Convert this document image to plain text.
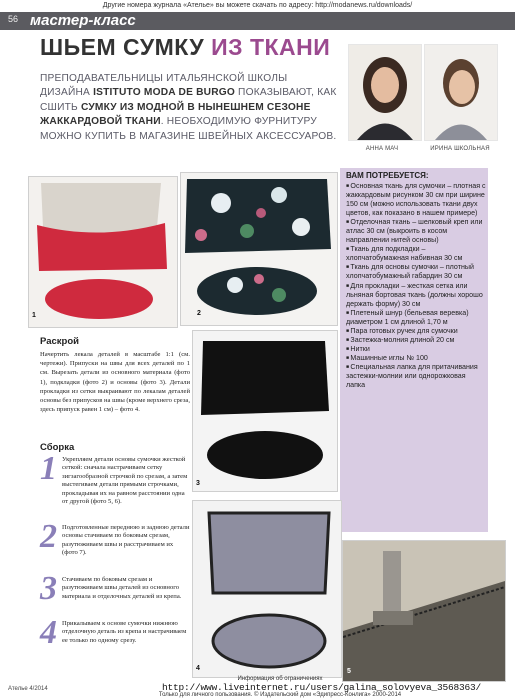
Другие номера журнала «Ателье» вы можете скачать по адресу: http://modanews.ru/downloads/
56 мастер-класс
ШЬЕМ СУМКУ ИЗ ТКАНИ
ПРЕПОДАВАТЕЛЬНИЦЫ ИТАЛЬЯНСКОЙ ШКОЛЫ ДИЗАЙНА ISTITUTO MODA DE BURGO ПОКАЗЫВАЮТ, КАК СШИТЬ СУМКУ ИЗ МОДНОЙ В НЫНЕШНЕМ СЕЗОНЕ ЖАККАРДОВОЙ ТКАНИ. НЕОБХОДИМУЮ ФУРНИТУРУ МОЖНО КУПИТЬ В МАГАЗИНЕ ШВЕЙНЫХ АКСЕССУАРОВ.
АННА МАЧ	ИРИНА ШКОЛЬНАЯ
ВАМ ПОТРЕБУЕТСЯ:
■ Основная ткань для сумочки – плотная с жаккардовым рисунком 30 см при ширине 150 см (можно использовать ткани двух цветов, как показано в нашем примере)
■ Отделочная ткань – шелковый креп или атлас 30 см (выкроить в косом направлении нитей основы)
■ Ткань для подкладки – хлопчатобумажная набивная 30 см
■ Ткань для основы сумочки – плотный хлопчатобумажный габардин 30 см
■ Для прокладки – жесткая сетка или льняная бортовая ткань (должны хорошо держать форму) 30 см
■ Плетеный шнур (бельевая веревка) диаметром 1 см длиной 1,70 м
■ Пара готовых ручек для сумочки
■ Застежка-молния длиной 20 см
■ Нитки
■ Машинные иглы № 100
■ Специальная лапка для притачивания застежки-молнии или однорожковая лапка
1	2
3
4	5
Раскрой
Начертить лекала деталей в масштабе 1:1 (см. чертежи). Припуски на швы для всех деталей по 1 см. Вырезать детали из основного материала (фото 1), подкладки (фото 2) и основы (фото 3). Детали прокладки из сетки выкраивают по лекалам деталей основы без припусков на швы (кроме верхнего среза, здесь припуск равен 1 см) – фото 4.
Сборка
1 Укрепляем детали основы сумочки жесткой сеткой: сначала настрачиваем сетку зигзагообразной строчкой по срезам, а затем выстегиваем детали прямыми строчками, прокладывая их на равном расстоянии одна от другой (фото 5, 6).
2 Подготовленные переднюю и заднюю детали основы стачиваем по боковым срезам, разутюживаем швы и расстрачиваем их (фото 7).
3 Стачиваем по боковым срезам и разутюживаем швы деталей из основного материала и отделочных деталей из крепа.
4 Прикалываем к основе сумочки нижнюю отделочную деталь из крепа и настрачиваем ее только по одному срезу.
Ателье 4/2014
Информация об ограничениях
Только для личного пользования. © Издательский дом «Эдипресс-Конлига» 2000-2014
http://www.liveinternet.ru/users/galina_solovyeva_3568363/
